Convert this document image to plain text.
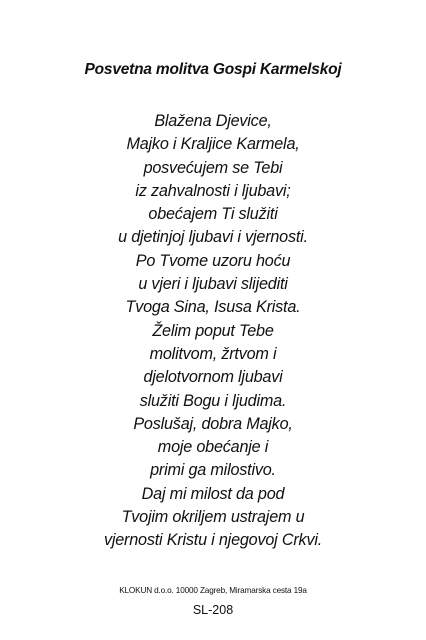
Posvetna molitva Gospi Karmelskoj
Blažena Djevice,
Majko i Kraljice Karmela,
posvećujem se Tebi
iz zahvalnosti i ljubavi;
obećajem Ti služiti
u djetinjoj ljubavi i vjernosti.
Po Tvome uzoru hoću
u vjeri i ljubavi slijediti
Tvoga Sina, Isusa Krista.
Želim poput Tebe
molitvom, žrtvom i
djelotvornom ljubavi
služiti Bogu i ljudima.
Poslušaj, dobra Majko,
moje obećanje i
primi ga milostivo.
Daj mi milost da pod
Tvojim okriljem ustrajem u
vjernosti Kristu i njegovoj Crkvi.
KLOKUN d.o.o. 10000 Zagreb, Miramarska cesta 19a
SL-208
